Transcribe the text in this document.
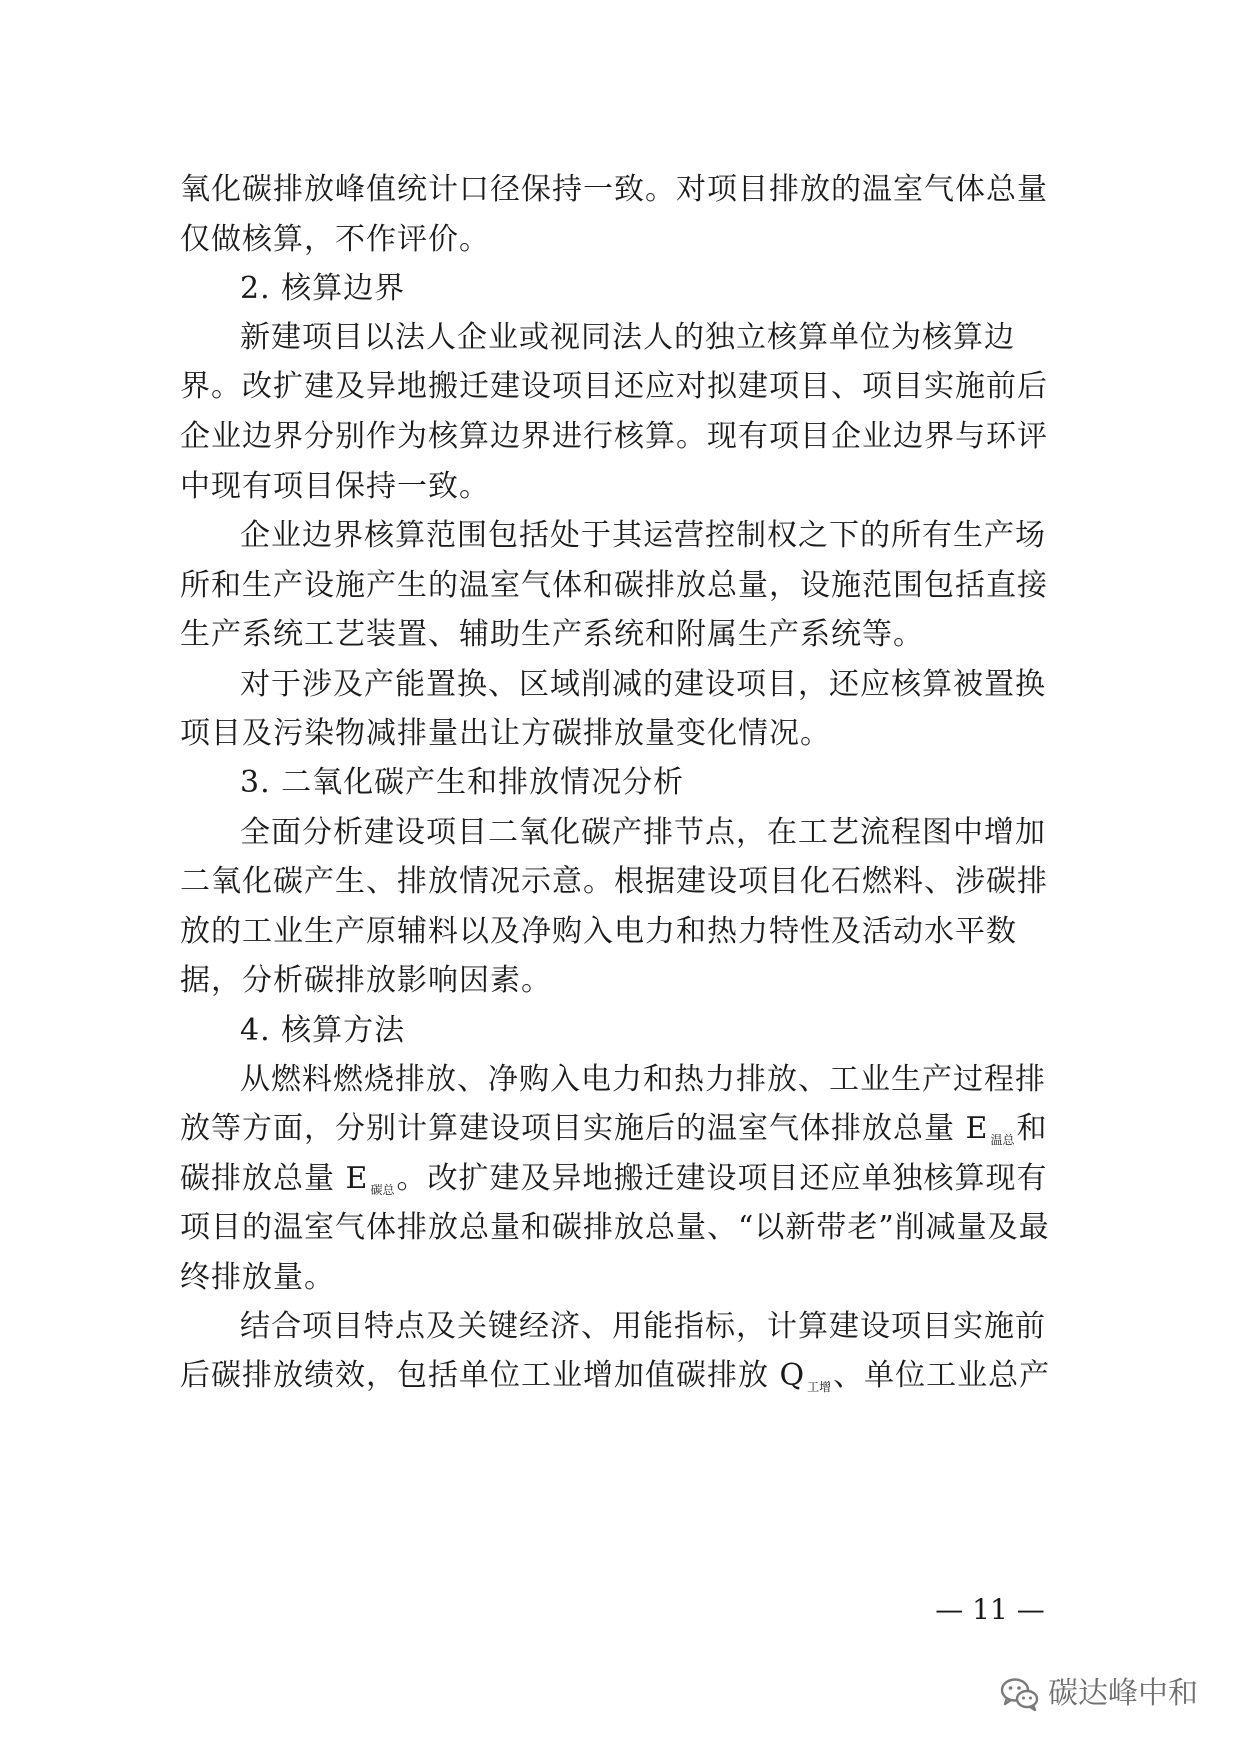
氧化碳排放峰值统计口径保持一致。对项目排放的温室气体总量
仅做核算，不作评价。
2. 核算边界
新建项目以法人企业或视同法人的独立核算单位为核算边
界。改扩建及异地搬迁建设项目还应对拟建项目、项目实施前后
企业边界分别作为核算边界进行核算。现有项目企业边界与环评
中现有项目保持一致。
企业边界核算范围包括处于其运营控制权之下的所有生产场
所和生产设施产生的温室气体和碳排放总量，设施范围包括直接
生产系统工艺装置、辅助生产系统和附属生产系统等。
对于涉及产能置换、区域削减的建设项目，还应核算被置换
项目及污染物减排量出让方碳排放量变化情况。
3. 二氧化碳产生和排放情况分析
全面分析建设项目二氧化碳产排节点，在工艺流程图中增加
二氧化碳产生、排放情况示意。根据建设项目化石燃料、涉碳排
放的工业生产原辅料以及净购入电力和热力特性及活动水平数
据，分析碳排放影响因素。
4. 核算方法
从燃料燃烧排放、净购入电力和热力排放、工业生产过程排
放等方面，分别计算建设项目实施后的温室气体排放总量 E $_{温总}$和
碳排放总量 E $_{碳总}$。改扩建及异地搬迁建设项目还应单独核算现有
项目的温室气体排放总量和碳排放总量、“以新带老”削减量及最
终排放量。
结合项目特点及关键经济、用能指标，计算建设项目实施前
后碳排放绩效，包括单位工业增加值碳排放 Q $_{工增}$、单位工业总产
— 11 —
碳达峰中和
